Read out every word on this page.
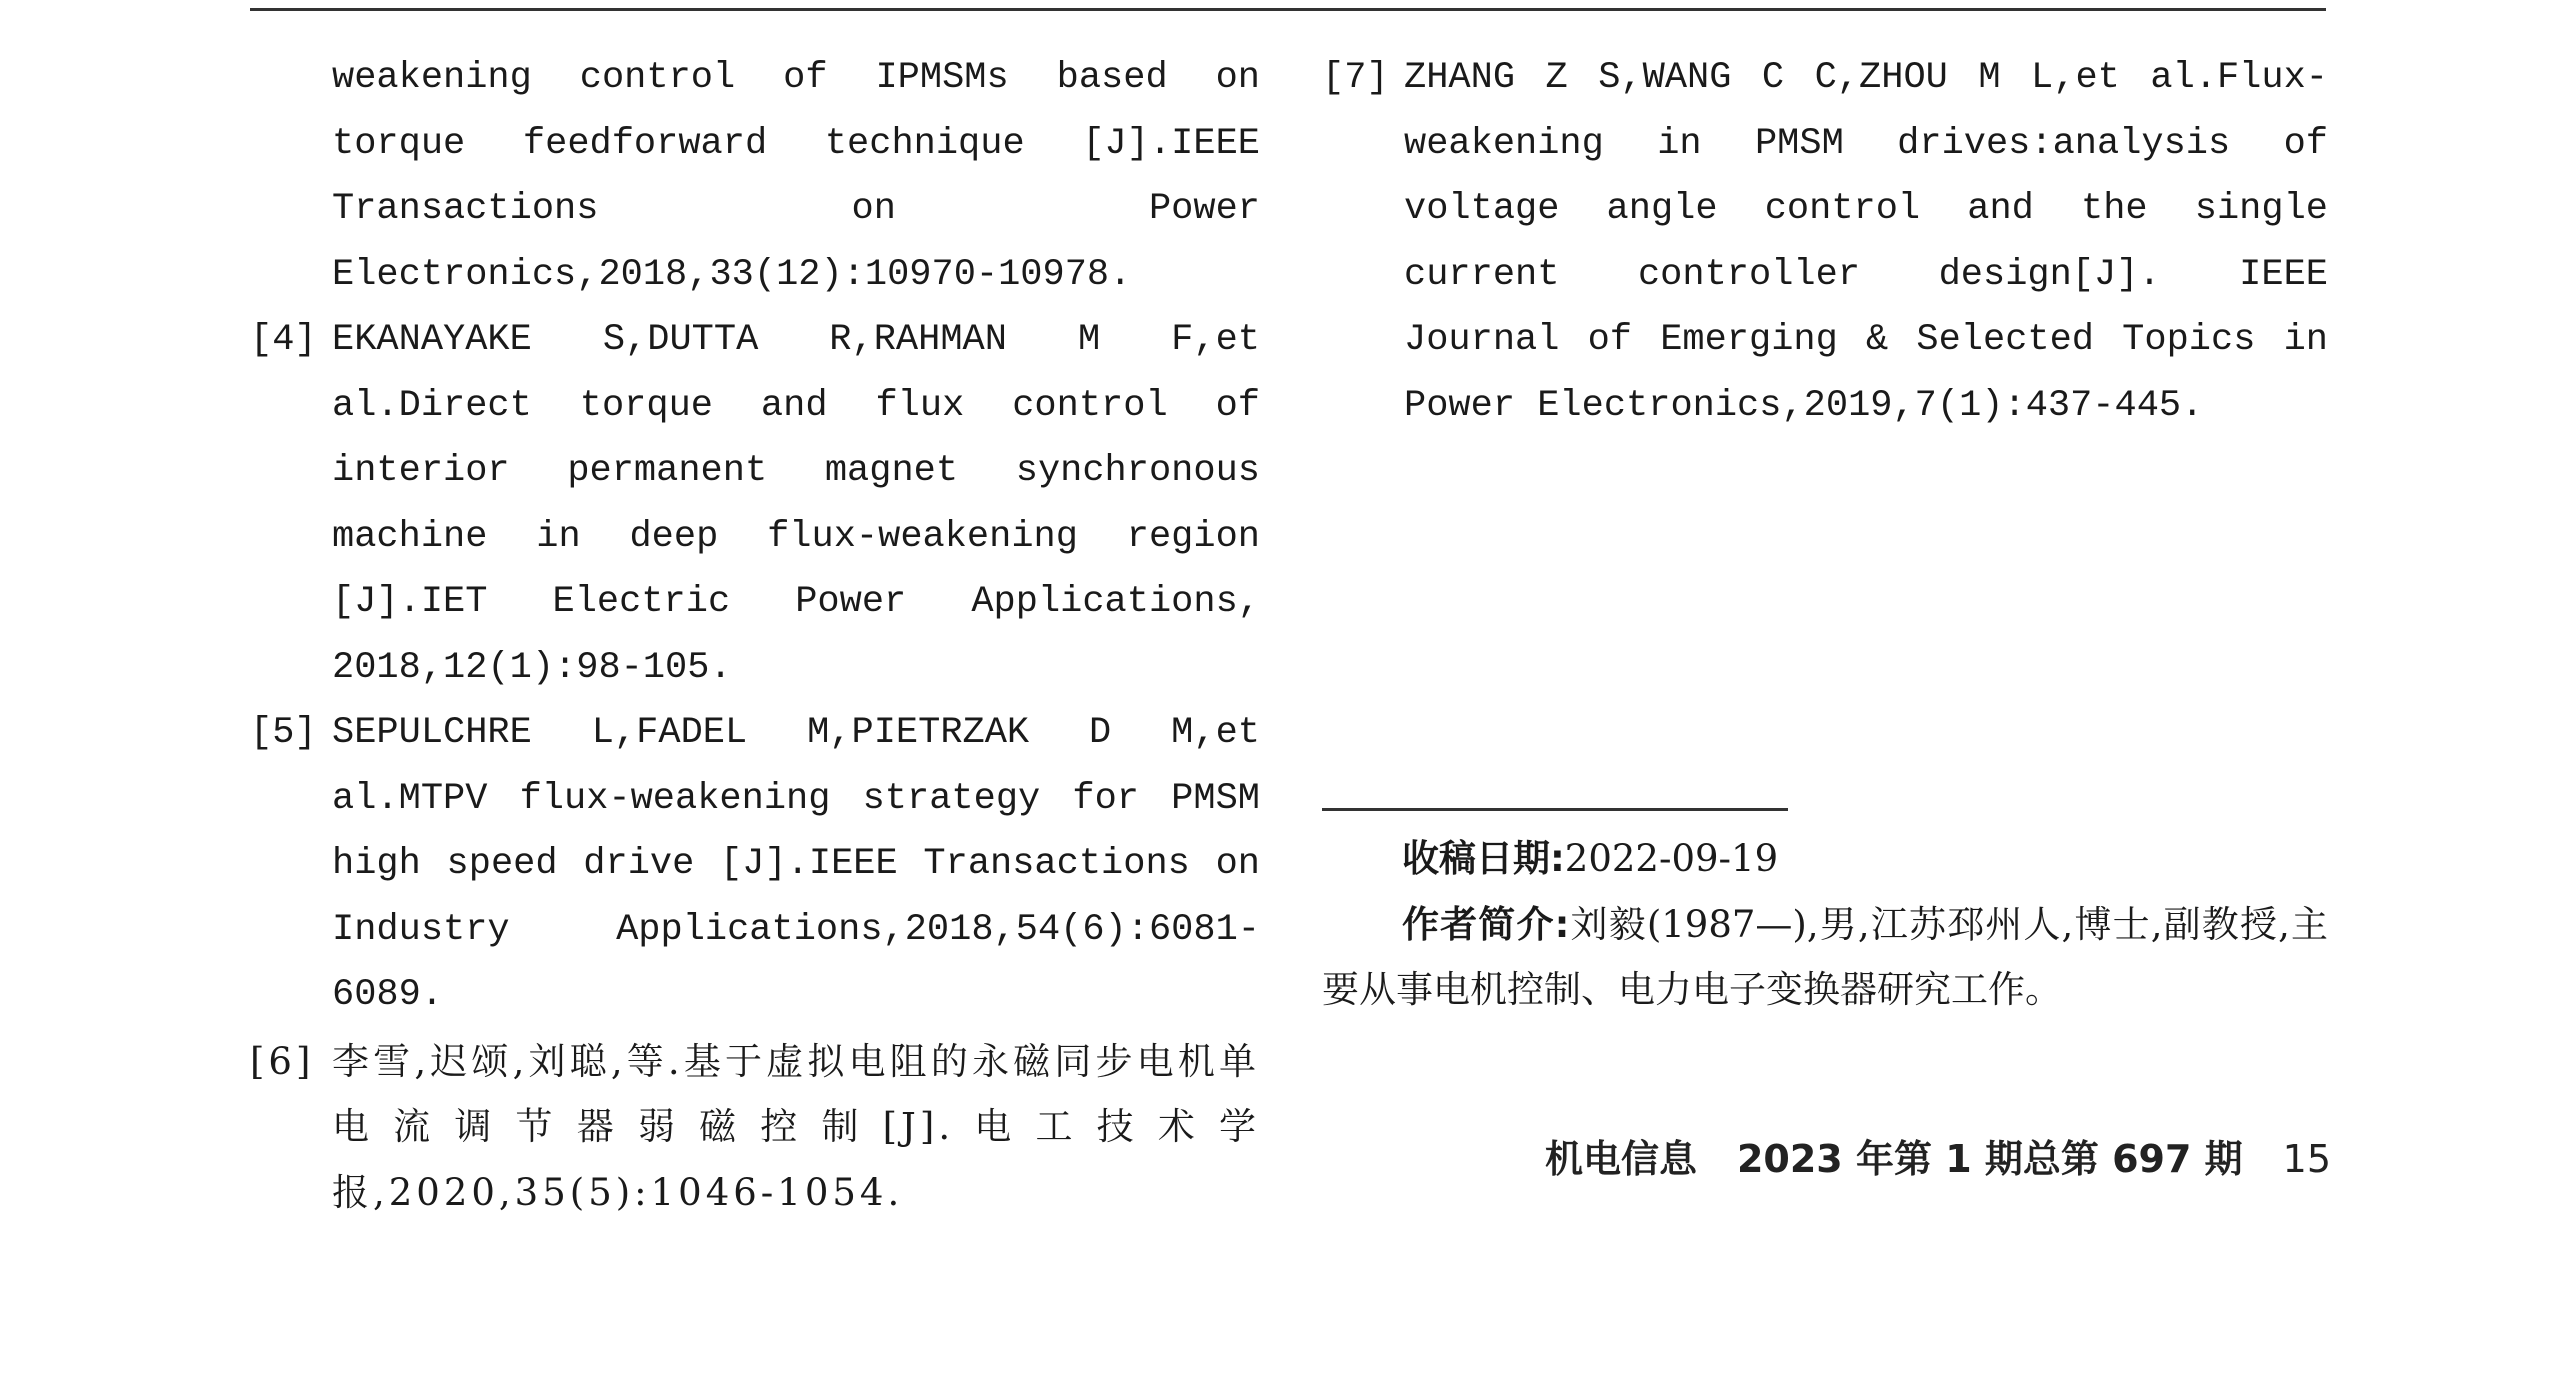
weakening control of IPMSMs based on torque feedforward technique [J].IEEE Transactions on Power Electronics,2018,33(12):10970-10978.
[4] EKANAYAKE S,DUTTA R,RAHMAN M F,et al.Direct torque and flux control of interior permanent magnet synchronous machine in deep flux-weakening region [J].IET Electric Power Applications, 2018,12(1):98-105.
[5] SEPULCHRE L,FADEL M,PIETRZAK D M,et al.MTPV flux-weakening strategy for PMSM high speed drive [J].IEEE Transactions on Industry Applications,2018,54(6):6081-6089.
[6] 李雪,迟颂,刘聪,等.基于虚拟电阻的永磁同步电机单电流调节器弱磁控制[J].电工技术学报,2020,35(5):1046-1054.
[7] ZHANG Z S,WANG C C,ZHOU M L,et al.Flux-weakening in PMSM drives:analysis of voltage angle control and the single current controller design[J]. IEEE Journal of Emerging & Selected Topics in Power Electronics,2019,7(1):437-445.

收稿日期:2022-09-19

作者简介:刘毅(1987—),男,江苏邳州人,博士,副教授,主要从事电机控制、电力电子变换器研究工作。

机电信息 2023 年第 1 期总第 697 期 15
